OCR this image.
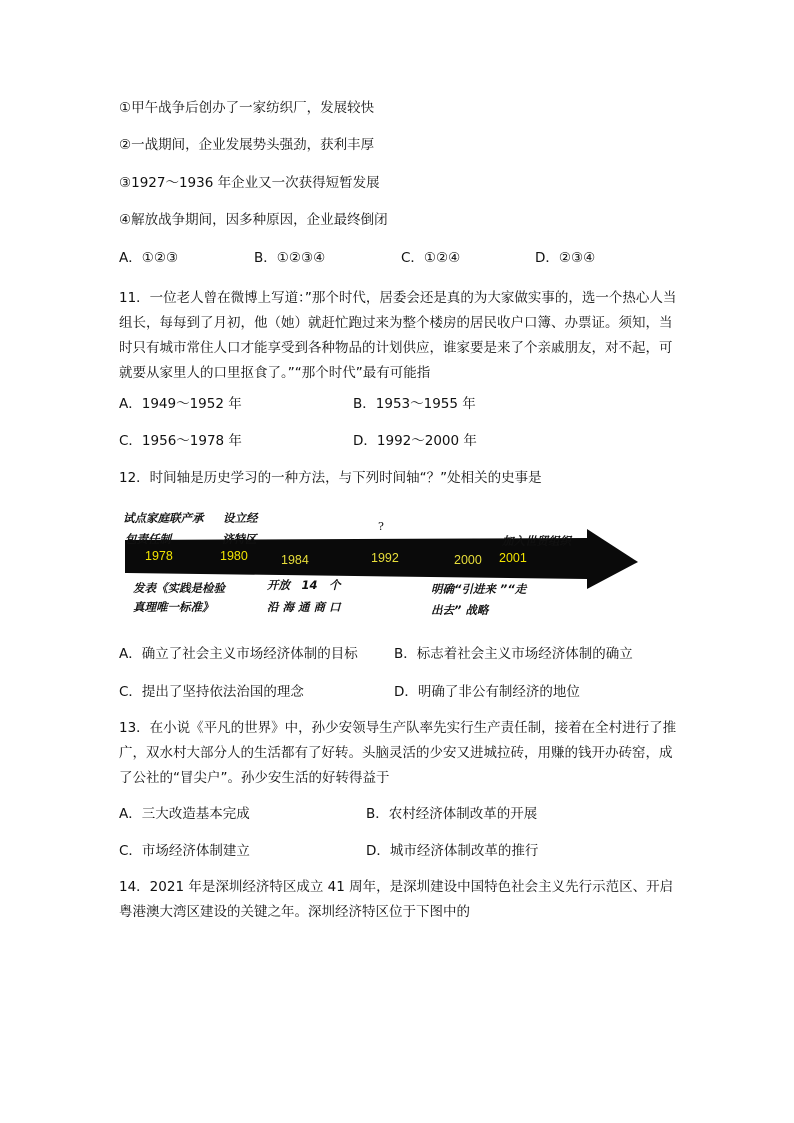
①甲午战争后创办了一家纺织厂，发展较快
②一战期间，企业发展势头强劲，获利丰厚
③1927～1936 年企业又一次获得短暂发展
④解放战争期间，因多种原因，企业最终倒闭
A．①②③	B．①②③④	C．①②④	D．②③④
11．一位老人曾在微博上写道：”那个时代，居委会还是真的为大家做实事的，选一个热心人当组长，每每到了月初，他（她）就赶忙跑过来为整个楼房的居民收户口簿、办票证。须知，当时只有城市常住人口才能享受到各种物品的计划供应，谁家要是来了个亲戚朋友，对不起，可就要从家里人的口里抠食了。”“那个时代”最有可能指
A．1949～1952 年	B．1953～1955 年
C．1956～1978 年	D．1992～2000 年
12．时间轴是历史学习的一种方法，与下列时间轴“？”处相关的史事是
试点家庭联产承
包责任制
设立经
济特区	加入世贸组织
?
1978	1980	1984	1992	2000 2001
发表《实践是检验
真理唯一标准》
开放　14　个
沿 海 通 商 口
明确“引进来 ”“走
出去” 战略
A．确立了社会主义市场经济体制的目标	B．标志着社会主义市场经济体制的确立
C．提出了坚持依法治国的理念	D．明确了非公有制经济的地位
13．在小说《平凡的世界》中，孙少安领导生产队率先实行生产责任制，接着在全村进行了推广，双水村大部分人的生活都有了好转。头脑灵活的少安又进城拉砖，用赚的钱开办砖窑，成了公社的“冒尖户”。孙少安生活的好转得益于
A．三大改造基本完成	B．农村经济体制改革的开展
C．市场经济体制建立	D．城市经济体制改革的推行
14．2021 年是深圳经济特区成立 41 周年，是深圳建设中国特色社会主义先行示范区、开启粤港澳大湾区建设的关键之年。深圳经济特区位于下图中的
